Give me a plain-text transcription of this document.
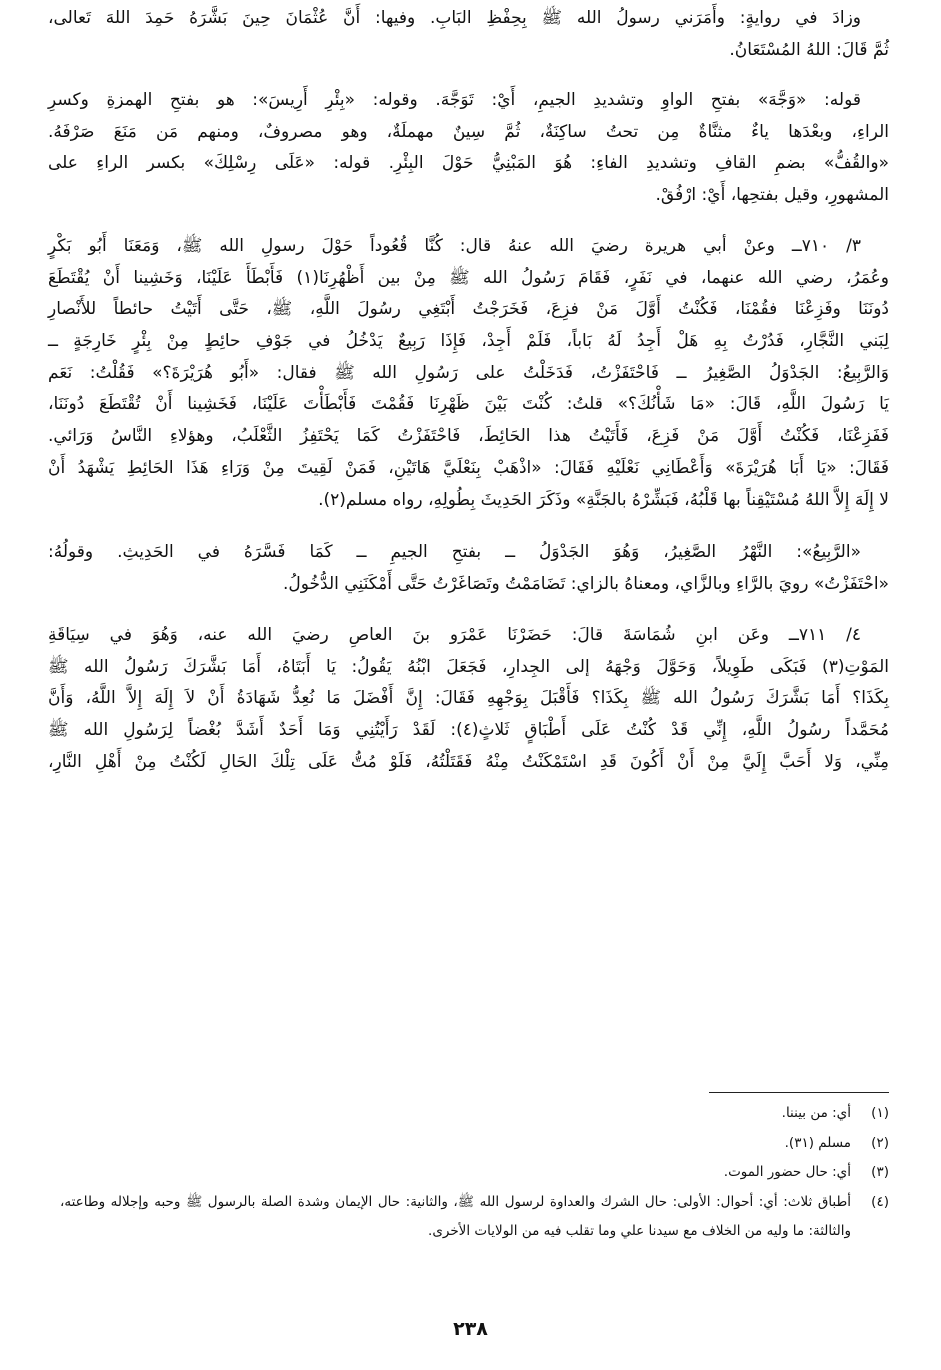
وزادَ في روايةٍ: وأَمَرَني رسولُ الله ﷺ بِحِفْظِ البَابِ. وفيها: أَنَّ عُثْمَانَ حِينَ بَشَّرَهُ حَمِدَ اللهَ تَعالى،
ثُمَّ قَالَ: اللهُ المُسْتَعَانُ.
قوله: «وَجَّهَ» بفتحِ الواوِ وتشديدِ الجيمِ، أَيْ: تَوَجَّهَ. وقوله: «بِئْرِ أَرِيسَ»: هو بفتحِ الهمزةِ وكسرِ
الراءِ، وبعْدَها ياءٌ مثنَّاةٌ مِن تحتُ ساكِنَةٌ، ثُمَّ سِينٌ مهملَةٌ، وهو مصروفٌ، ومنهم مَن مَنَعَ صَرْفَهُ.
«والقُفُّ» بضمِ القافِ وتشديدِ الفاءِ: هُوَ المَبْنِيُّ حَوْلَ البِئْرِ. قوله: «عَلَى رِسْلِكَ» بكسر الراءِ على
المشهورِ، وقيل بفتحِها، أَيْ: ارْفُقْ.
٣/ ٧١٠ــ وعنْ أبي هريرة رضيَ الله عنهُ قال: كُنَّا قُعُوداً حَوْلَ رسولِ الله ﷺ، وَمَعَنَا أَبُو بَكْرٍ
وعُمَرُ، رضي الله عنهما، في نَفَرٍ، فَقَامَ رَسُولُ الله ﷺ مِنْ بين أَظْهُرِنَا(١) فَأَبْطَأَ عَلَيْنَا، وَخَشِينا أَنْ يُقْتَطَعَ
دُونَنَا وفَزِعْنَا فقُمْنَا، فَكُنْتُ أَوَّلَ مَنْ فزِعَ، فَخَرَجْتُ أَبْتَغِي رسُولَ اللَّهِ، ﷺ، حَتَّى أَتَيْتُ حائطاً للأَنْصارِ
لِبَني النَّجَّارِ، فَدُرْتُ بِهِ هَلْ أَجِدُ لَهُ بَاباً، فَلَمْ أَجِدْ، فَإِذَا رَبِيعٌ يَدْخُلُ في جَوْفِ حائِطٍ مِنْ بِئْرٍ خَارِجَةٍ ــ
وَالرَّبِيعُ: الجَدْوَلُ الصَّغِيرُ ــ فَاحْتَفَزْتُ، فَدَخَلْتُ على رَسُولِ الله ﷺ فقال: «أَبُو هُرَيْرَةَ؟» فَقُلْتُ: نَعَم
يَا رَسُولَ اللَّهِ، قَالَ: «مَا شَأْنُكَ؟» قلتُ: كُنْتَ بَيْنَ ظَهْرِنَا فَقُمْتَ فَأَبْطَأْتَ عَلَيْنَا، فَخَشِينا أَنْ تُقْتَطَعَ دُونَنَا،
فَفَزِعْنَا، فَكُنْتُ أَوَّلَ مَنْ فَزِعَ، فَأَتَيْتُ هذا الحَائِطَ، فَاحْتَفَزْتُ كَمَا يَحْتَفِزُ الثَّعْلَبُ، وهؤلاءِ النَّاسُ وَرَائي.
فَقَالَ: «يَا أَبَا هُرَيْرَةَ» وَأَعْطَانِي نَعْلَيْهِ فَقَالَ: «اذْهَبْ بِنَعْلَيَّ هَاتَيْنِ، فَمَنْ لَقِيتَ مِنْ وَرَاءِ هَذَا الحَائِطِ يَشْهَدُ أَنْ
لا إِلَهَ إِلاَّ اللهُ مُسْتَيْقِناً بها قَلْبُهُ، فَبَشِّرْهُ بالجَنَّةِ» وذَكَرَ الحَدِيثَ بِطُولِهِ، رواه مسلم(٢).
«الرَّبِيعُ»: النَّهْرُ الصَّغِيرُ، وَهُوَ الجَدْوَلُ ــ بفتحِ الجيمِ ــ كَمَا فَسَّرَهُ في الحَدِيثِ. وقولُهُ:
«احْتَفَزْتُ» رويَ بالرَّاءِ وبالزَّاي، ومعناهُ بالزاي: تَضَامَمْتُ وتَصَاغَرْتُ حَتَّى أَمْكَنَنِي الدُّخُولُ.
٤/ ٧١١ــ وعَن ابنِ شُمَاسَةَ قالَ: حَضَرْنَا عَمْرَو بنَ العاصِ رضيَ الله عنه، وَهُوَ في سِيَاقَةِ
المَوْتِ(٣) فَبَكَى طَوِيلاً، وَحَوَّلَ وَجْهَهُ إلى الجِدارِ، فَجَعَلَ ابْنُهُ يَقُولُ: يَا أَبَتَاهُ، أَمَا بَشَّرَكَ رَسُولُ الله ﷺ
بِكَذَا؟ أَمَا بَشَّرَكَ رَسُولُ الله ﷺ بِكَذَا؟ فَأَقْبَلَ بِوَجْهِهِ فَقَالَ: إِنَّ أَفْضَلَ مَا نُعِدُّ شَهَادَةُ أَنْ لاَ إِلَهَ إِلاَّ اللَّهُ، وَأَنَّ
مُحَمَّداً رسُولُ اللَّهِ، إِنِّي قَدْ كُنْتُ عَلَى أَطْبَاقٍ ثَلاثٍ(٤): لَقَدْ رَأَيْتُنِي وَمَا أَحَدٌ أَشَدَّ بُغْضاً لِرَسُولِ الله ﷺ
مِنِّي، وَلا أَحَبَّ إِلَيَّ مِنْ أَنْ أَكُونَ قَدِ اسْتَمْكَنْتُ مِنْهُ فَقَتَلْتُهُ، فَلَوْ مُتُّ عَلَى تِلْكَ الحَالِ لَكُنْتُ مِنْ أَهْلِ النَّارِ،
(١)
أي: من بيننا.
(٢)
مسلم (٣١).
(٣)
أي: حال حضور الموت.
(٤)
أطباق ثلاث: أي: أحوال: الأولى: حال الشرك والعداوة لرسول الله ﷺ، والثانية: حال الإيمان وشدة الصلة بالرسول ﷺ وحبه وإجلاله وطاعته، والثالثة: ما وليه من الخلاف مع سيدنا علي وما تقلب فيه من الولايات الأخرى.
٢٣٨
